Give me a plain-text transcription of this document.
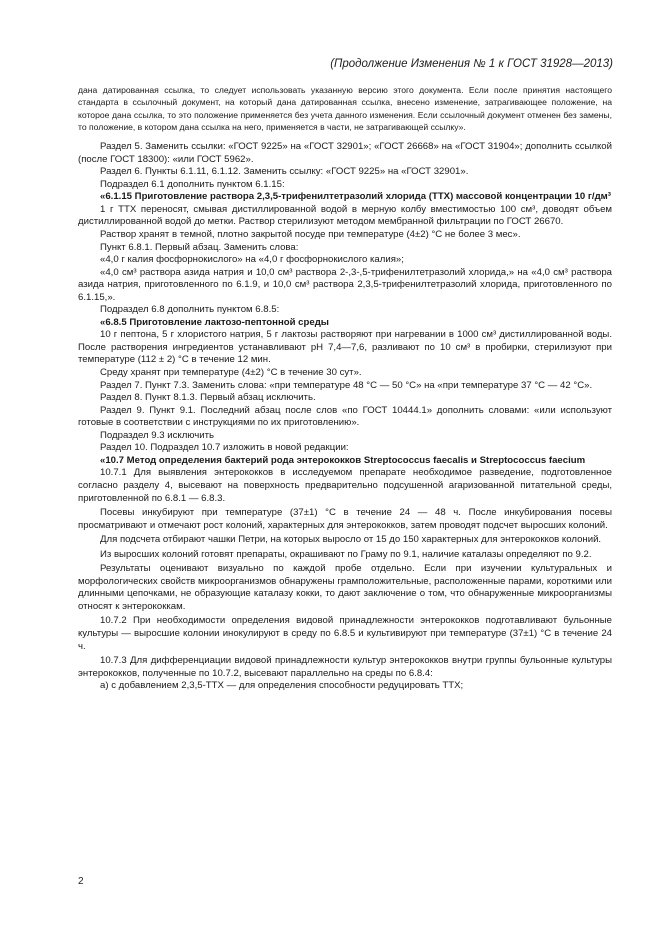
(Продолжение Изменения № 1 к ГОСТ 31928—2013)

дана датированная ссылка, то следует использовать указанную версию этого документа. Если после принятия настоящего стандарта в ссылочный документ, на который дана датированная ссылка, внесено изменение, затрагивающее положение, на которое дана ссылка, то это положение применяется без учета данного изменения. Если ссылочный документ отменен без замены, то положение, в котором дана ссылка на него, применяется в части, не затрагивающей ссылку».

Раздел 5. Заменить ссылки: «ГОСТ 9225» на «ГОСТ 32901»; «ГОСТ 26668» на «ГОСТ 31904»; дополнить ссылкой (после ГОСТ 18300): «или ГОСТ 5962».

Раздел 6. Пункты 6.1.11, 6.1.12. Заменить ссылку: «ГОСТ 9225» на «ГОСТ 32901».

Подраздел 6.1 дополнить пунктом 6.1.15:

«6.1.15 Приготовление раствора 2,3,5-трифенилтетразолий хлорида (ТТХ) массовой концентрации 10 г/дм³

1 г ТТХ переносят, смывая дистиллированной водой в мерную колбу вместимостью 100 см³, доводят объем дистиллированной водой до метки. Раствор стерилизуют методом мембранной фильтрации по ГОСТ 26670.

Раствор хранят в темной, плотно закрытой посуде при температуре (4±2) °С не более 3 мес».

Пункт 6.8.1. Первый абзац. Заменить слова:

«4,0 г калия фосфорнокислого» на «4,0 г фосфорнокислого калия»;

«4,0 см³ раствора азида натрия и 10,0 см³ раствора 2-,3-,5-трифенилтетразолий хлорида,» на «4,0 см³ раствора азида натрия, приготовленного по 6.1.9, и 10,0 см³ раствора 2,3,5-трифенилтетразолий хлорида, приготовленного по 6.1.15,».

Подраздел 6.8 дополнить пунктом 6.8.5:

«6.8.5 Приготовление лактозо-пептонной среды

10 г пептона, 5 г хлористого натрия, 5 г лактозы растворяют при нагревании в 1000 см³ дистиллированной воды. После растворения ингредиентов устанавливают рН 7,4—7,6, разливают по 10 см³ в пробирки, стерилизуют при температуре (112 ± 2) °С в течение 12 мин.

Среду хранят при температуре (4±2) °С в течение 30 сут».

Раздел 7. Пункт 7.3. Заменить слова: «при температуре 48 °С — 50 °С» на «при температуре 37 °С — 42 °С».

Раздел 8. Пункт 8.1.3. Первый абзац исключить.

Раздел 9. Пункт 9.1. Последний абзац после слов «по ГОСТ 10444.1» дополнить словами: «или используют готовые в соответствии с инструкциями по их приготовлению».

Подраздел 9.3 исключить

Раздел 10. Подраздел 10.7 изложить в новой редакции:

«10.7 Метод определения бактерий рода энтерококков Streptococcus faecalis и Streptococcus faecium

10.7.1 Для выявления энтерококков в исследуемом препарате необходимое разведение, подготовленное согласно разделу 4, высевают на поверхность предварительно подсушенной агаризованной питательной среды, приготовленной по 6.8.1 — 6.8.3.

Посевы инкубируют при температуре (37±1) °С в течение 24 — 48 ч. После инкубирования посевы просматривают и отмечают рост колоний, характерных для энтерококков, затем проводят подсчет выросших колоний.

Для подсчета отбирают чашки Петри, на которых выросло от 15 до 150 характерных для энтерококков колоний.

Из выросших колоний готовят препараты, окрашивают по Граму по 9.1, наличие каталазы определяют по 9.2.

Результаты оценивают визуально по каждой пробе отдельно. Если при изучении культуральных и морфологических свойств микроорганизмов обнаружены грамположительные, расположенные парами, короткими или длинными цепочками, не образующие каталазу кокки, то дают заключение о том, что обнаруженные микроорганизмы относят к энтерококкам.

10.7.2 При необходимости определения видовой принадлежности энтерококков подготавливают бульонные культуры — выросшие колонии инокулируют в среду по 6.8.5 и культивируют при температуре (37±1) °С в течение 24 ч.

10.7.3 Для дифференциации видовой принадлежности культур энтерококков внутри группы бульонные культуры энтерококков, полученные по 10.7.2, высевают параллельно на среды по 6.8.4:

а) с добавлением 2,3,5-ТТХ — для определения способности редуцировать ТТХ;

2
